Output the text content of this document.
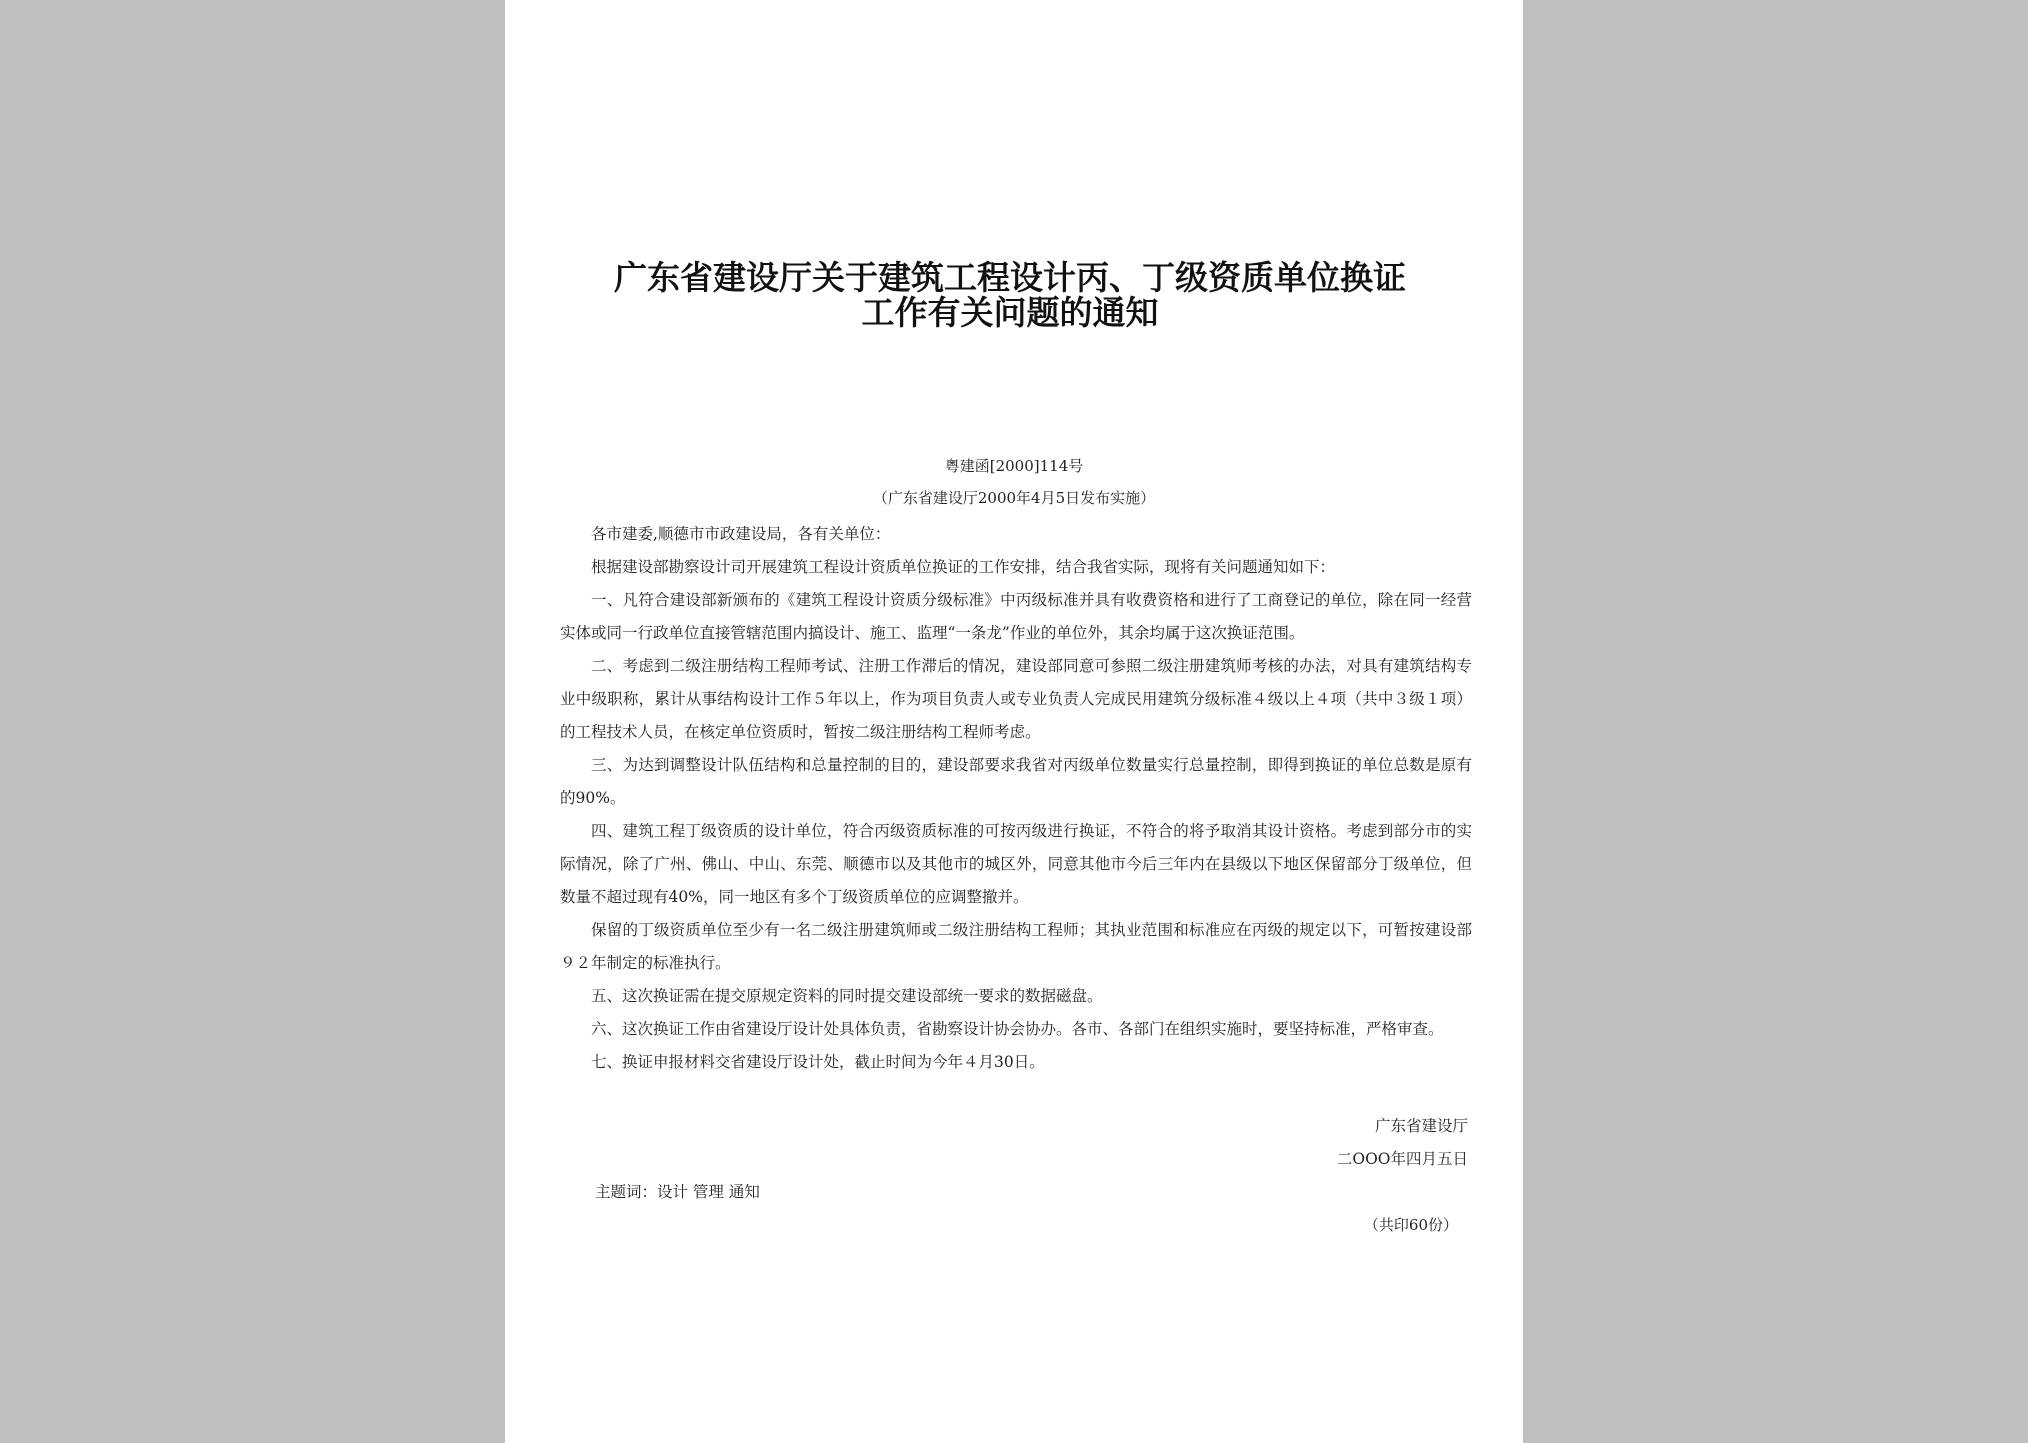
广东省建设厅关于建筑工程设计丙、丁级资质单位换证工作有关问题的通知
粤建函[2000]114号
（广东省建设厅2000年4月5日发布实施）

各市建委,顺德市市政建设局，各有关单位：

根据建设部勘察设计司开展建筑工程设计资质单位换证的工作安排，结合我省实际，现将有关问题通知如下：

一、凡符合建设部新颁布的《建筑工程设计资质分级标准》中丙级标准并具有收费资格和进行了工商登记的单位，除在同一经营实体或同一行政单位直接管辖范围内搞设计、施工、监理“一条龙”作业的单位外，其余均属于这次换证范围。

二、考虑到二级注册结构工程师考试、注册工作滞后的情况，建设部同意可参照二级注册建筑师考核的办法，对具有建筑结构专业中级职称，累计从事结构设计工作５年以上，作为项目负责人或专业负责人完成民用建筑分级标准４级以上４项（共中３级１项）的工程技术人员，在核定单位资质时，暂按二级注册结构工程师考虑。

三、为达到调整设计队伍结构和总量控制的目的，建设部要求我省对丙级单位数量实行总量控制，即得到换证的单位总数是原有的90%。

四、建筑工程丁级资质的设计单位，符合丙级资质标准的可按丙级进行换证，不符合的将予取消其设计资格。考虑到部分市的实际情况，除了广州、佛山、中山、东莞、顺德市以及其他市的城区外，同意其他市今后三年内在县级以下地区保留部分丁级单位，但数量不超过现有40%，同一地区有多个丁级资质单位的应调整撤并。

保留的丁级资质单位至少有一名二级注册建筑师或二级注册结构工程师；其执业范围和标准应在丙级的规定以下，可暂按建设部９２年制定的标准执行。

五、这次换证需在提交原规定资料的同时提交建设部统一要求的数据磁盘。

六、这次换证工作由省建设厅设计处具体负责，省勘察设计协会协办。各市、各部门在组织实施时，要坚持标准，严格审查。

七、换证申报材料交省建设厅设计处，截止时间为今年４月30日。

广东省建设厅
二ΟΟΟ年四月五日
主题词：设计 管理 通知
（共印60份）
